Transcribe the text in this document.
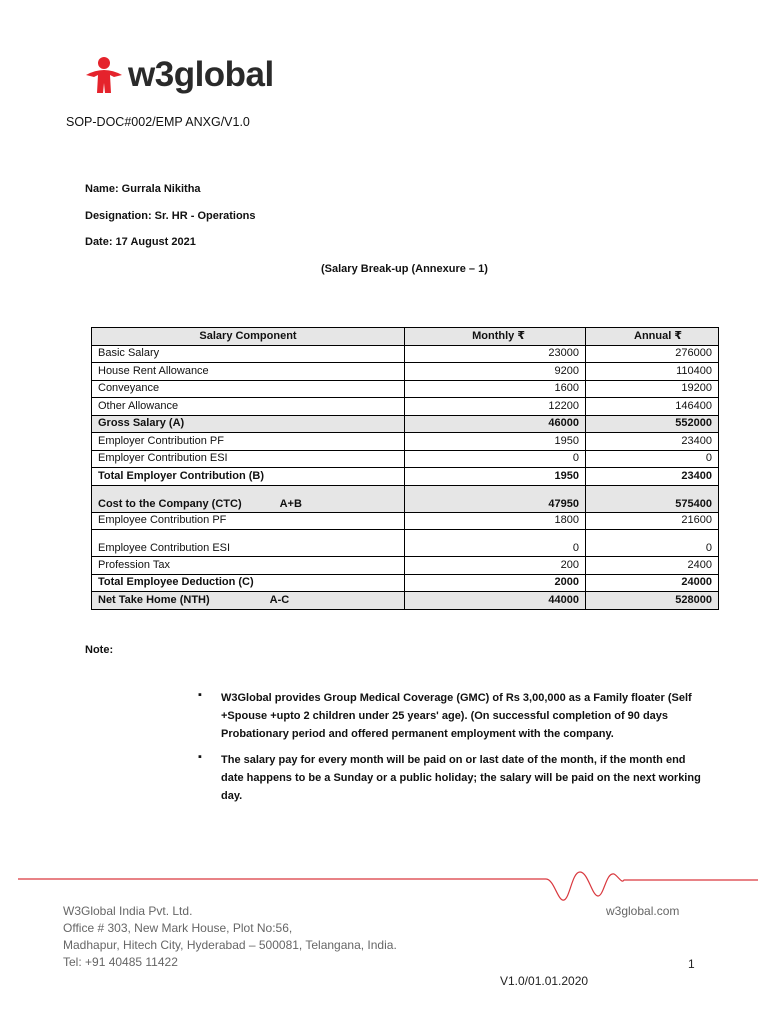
w3global
SOP-DOC#002/EMP ANXG/V1.0
Name: Gurrala Nikitha
Designation: Sr. HR - Operations
Date: 17 August 2021
(Salary Break-up (Annexure – 1)
Salary Component	Monthly ₹	Annual ₹
Basic Salary	23000	276000
House Rent Allowance	9200	110400
Conveyance	1600	19200
Other Allowance	12200	146400
Gross Salary (A)	46000	552000
Employer Contribution PF	1950	23400
Employer Contribution ESI	0	0
Total Employer Contribution (B)	1950	23400
Cost to the Company (CTC) A+B	47950	575400
Employee Contribution PF	1800	21600
Employee Contribution ESI	0	0
Profession Tax	200	2400
Total Employee Deduction (C)	2000	24000
Net Take Home (NTH) A-C	44000	528000
Note:
▪ W3Global provides Group Medical Coverage (GMC) of Rs 3,00,000 as a Family floater (Self +Spouse +upto 2 children under 25 years' age). (On successful completion of 90 days Probationary period and offered permanent employment with the company.
▪ The salary pay for every month will be paid on or last date of the month, if the month end date happens to be a Sunday or a public holiday; the salary will be paid on the next working day.
W3Global India Pvt. Ltd.
Office # 303, New Mark House, Plot No:56,
Madhapur, Hitech City, Hyderabad – 500081, Telangana, India.
Tel: +91 40485 11422
w3global.com
1
V1.0/01.01.2020
